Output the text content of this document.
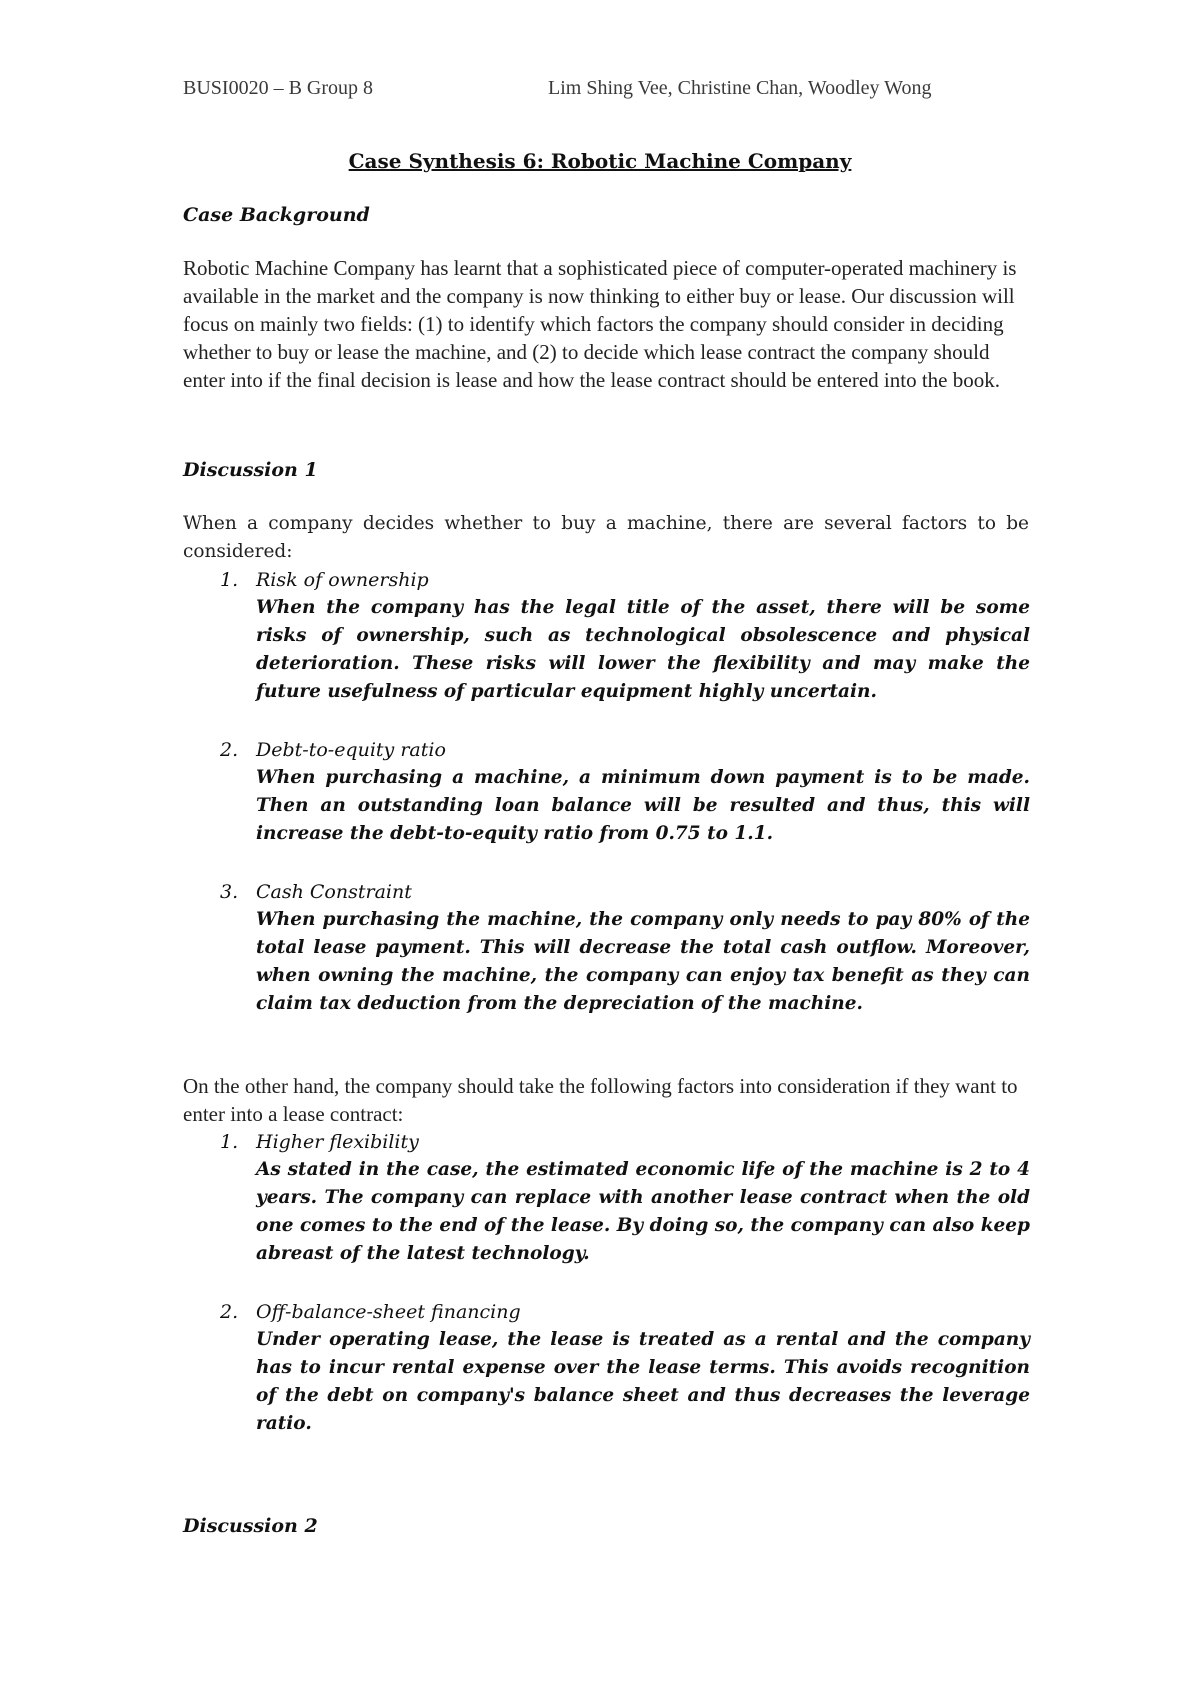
BUSI0020 – B Group 8	Lim Shing Vee, Christine Chan, Woodley Wong
Case Synthesis 6: Robotic Machine Company
Case Background

Robotic Machine Company has learnt that a sophisticated piece of computer-operated machinery is available in the market and the company is now thinking to either buy or lease. Our discussion will focus on mainly two fields: (1) to identify which factors the company should consider in deciding whether to buy or lease the machine, and (2) to decide which lease contract the company should enter into if the final decision is lease and how the lease contract should be entered into the book.

Discussion 1

When a company decides whether to buy a machine, there are several factors to be considered:

1. Risk of ownership

When the company has the legal title of the asset, there will be some risks of ownership, such as technological obsolescence and physical deterioration. These risks will lower the flexibility and may make the future usefulness of particular equipment highly uncertain.

2. Debt-to-equity ratio

When purchasing a machine, a minimum down payment is to be made. Then an outstanding loan balance will be resulted and thus, this will increase the debt-to-equity ratio from 0.75 to 1.1.

3. Cash Constraint

When purchasing the machine, the company only needs to pay 80% of the total lease payment. This will decrease the total cash outflow. Moreover, when owning the machine, the company can enjoy tax benefit as they can claim tax deduction from the depreciation of the machine.

On the other hand, the company should take the following factors into consideration if they want to enter into a lease contract:

1. Higher flexibility

As stated in the case, the estimated economic life of the machine is 2 to 4 years. The company can replace with another lease contract when the old one comes to the end of the lease. By doing so, the company can also keep abreast of the latest technology.

2. Off-balance-sheet financing

Under operating lease, the lease is treated as a rental and the company has to incur rental expense over the lease terms. This avoids recognition of the debt on company's balance sheet and thus decreases the leverage ratio.

Discussion 2
